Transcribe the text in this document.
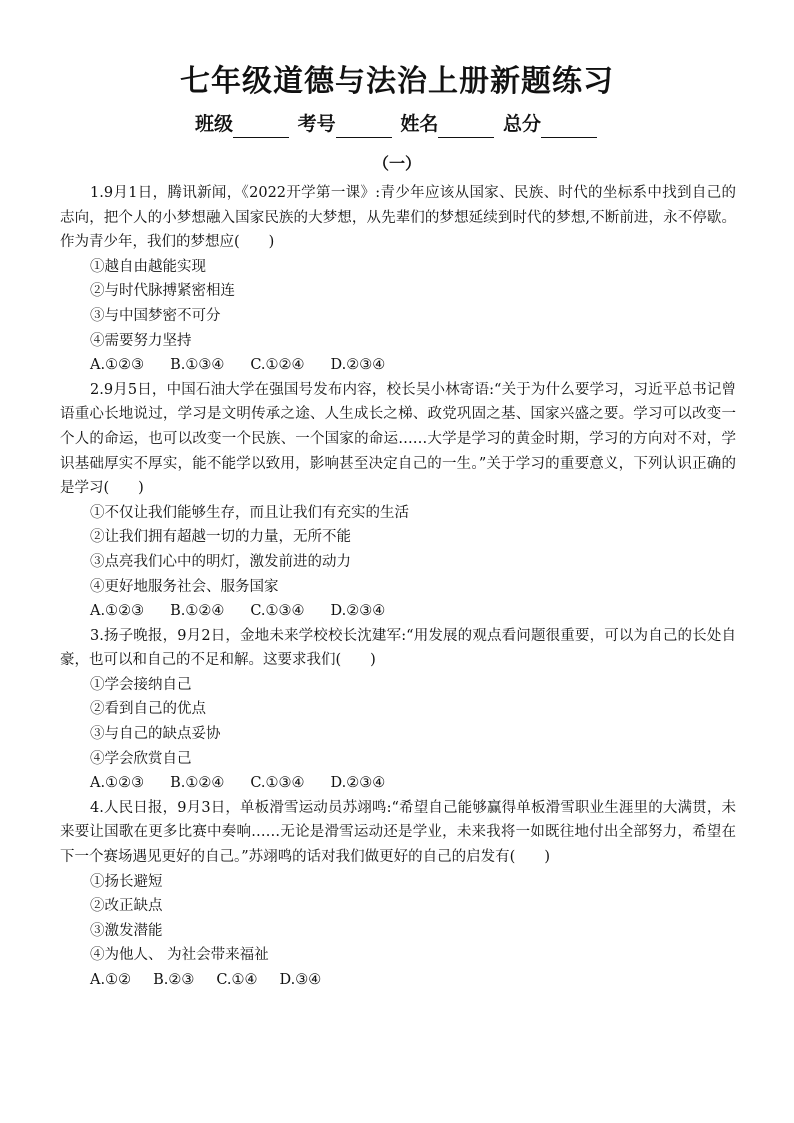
七年级道德与法治上册新题练习
班级	考号	姓名	总分
（一）

1.9月1日，腾讯新闻，《2022开学第一课》:青少年应该从国家、民族、时代的坐标系中找到自己的志向，把个人的小梦想融入国家民族的大梦想，从先辈们的梦想延续到时代的梦想,不断前进，永不停歇。作为青少年，我们的梦想应(　　)

①越自由越能实现

②与时代脉搏紧密相连

③与中国梦密不可分

④需要努力坚持

A.①②③ B.①③④ C.①②④ D.②③④

2.9月5日，中国石油大学在强国号发布内容，校长吴小林寄语:“关于为什么要学习，习近平总书记曾语重心长地说过，学习是文明传承之途、人生成长之梯、政党巩固之基、国家兴盛之要。学习可以改变一个人的命运，也可以改变一个民族、一个国家的命运……大学是学习的黄金时期，学习的方向对不对，学识基础厚实不厚实，能不能学以致用，影响甚至决定自己的一生。”关于学习的重要意义，下列认识正确的是学习(　　)

①不仅让我们能够生存，而且让我们有充实的生活

②让我们拥有超越一切的力量，无所不能

③点亮我们心中的明灯，激发前进的动力

④更好地服务社会、服务国家

A.①②③ B.①②④ C.①③④ D.②③④

3.扬子晚报，9月2日，金地未来学校校长沈建军:“用发展的观点看问题很重要，可以为自己的长处自豪，也可以和自己的不足和解。这要求我们(　　)

①学会接纳自己

②看到自己的优点

③与自己的缺点妥协

④学会欣赏自己

A.①②③ B.①②④ C.①③④ D.②③④

4.人民日报，9月3日，单板滑雪运动员苏翊鸣:“希望自己能够赢得单板滑雪职业生涯里的大满贯，未来要让国歌在更多比赛中奏响……无论是滑雪运动还是学业，未来我将一如既往地付出全部努力，希望在下一个赛场遇见更好的自己。”苏翊鸣的话对我们做更好的自己的启发有(　　)

①扬长避短

②改正缺点

③激发潜能

④为他人、 为社会带来福祉

A.①② B.②③ C.①④ D.③④
